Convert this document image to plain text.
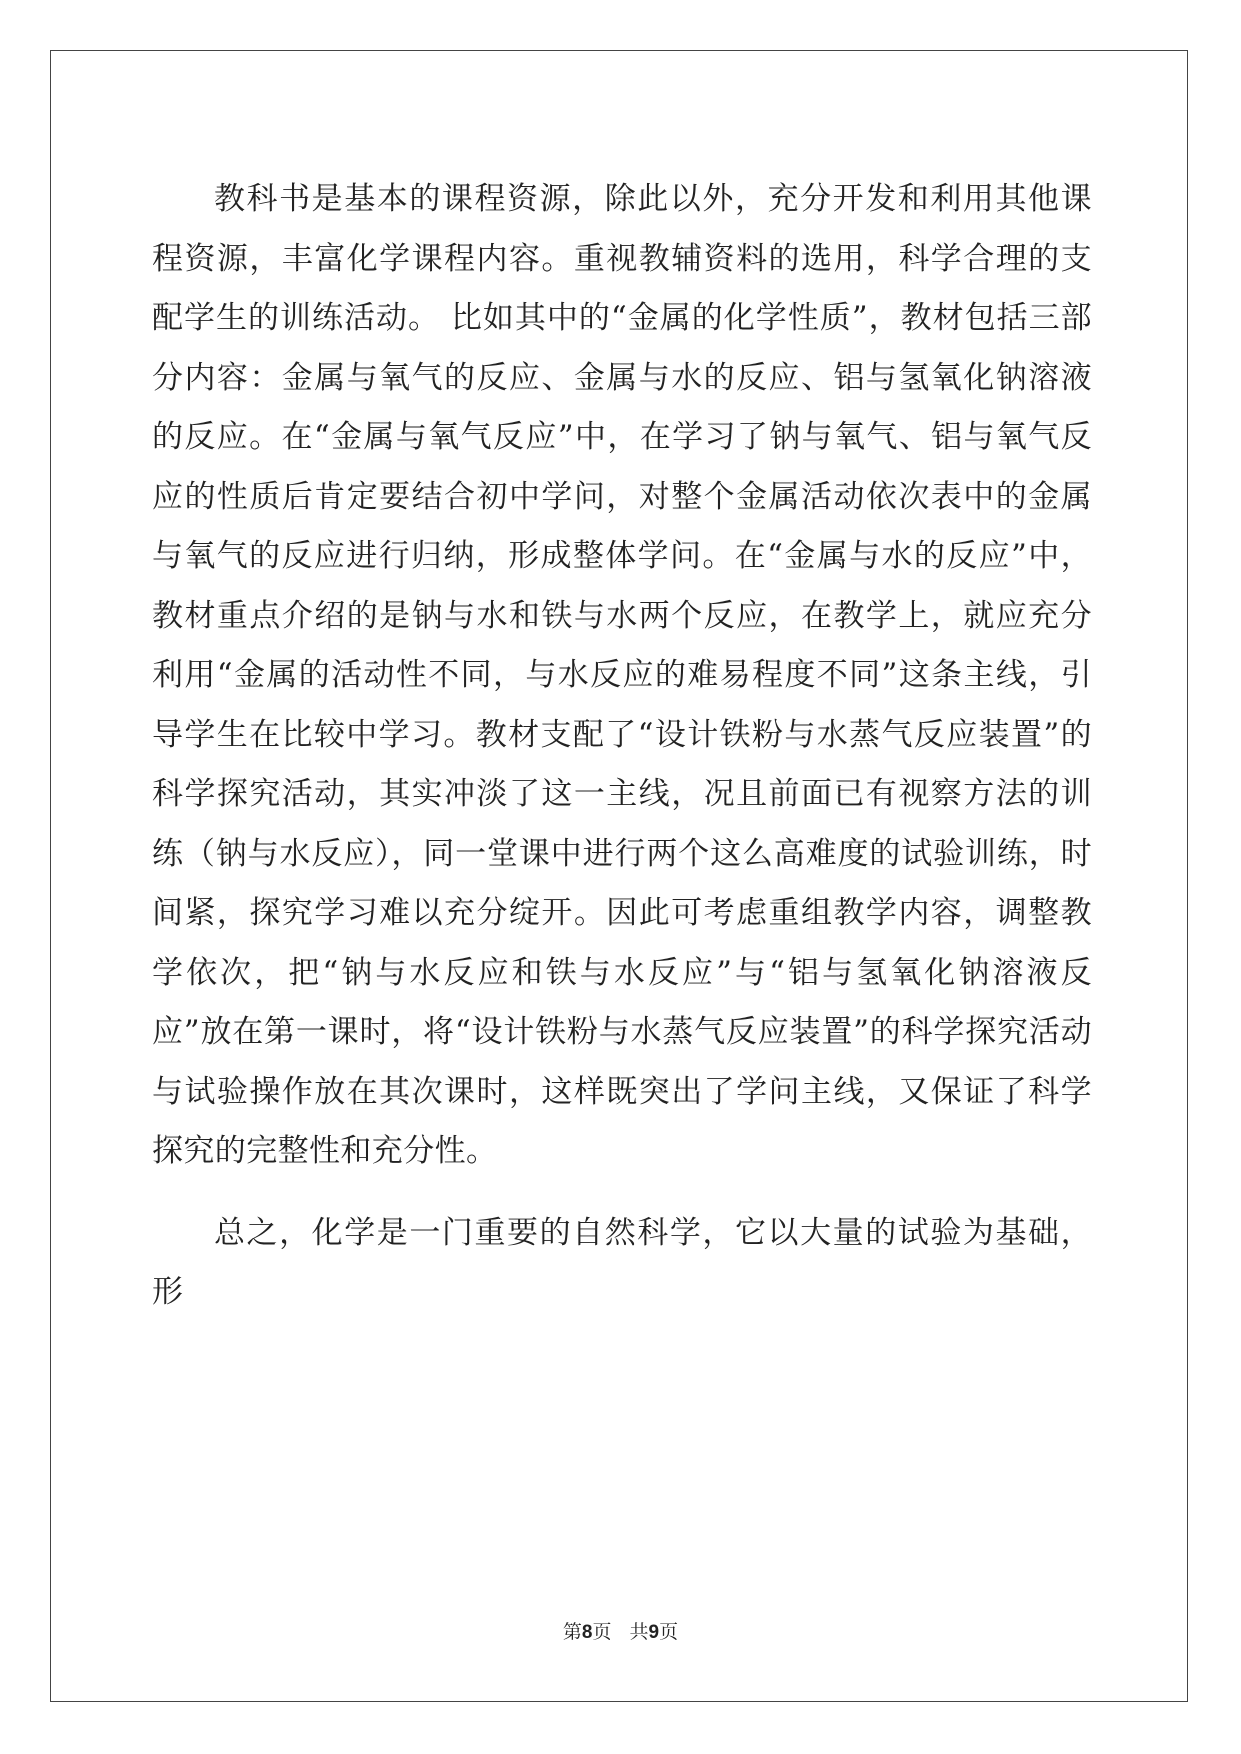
教科书是基本的课程资源，除此以外，充分开发和利用其他课程资源，丰富化学课程内容。重视教辅资料的选用，科学合理的支配学生的训练活动。 比如其中的“金属的化学性质”，教材包括三部分内容：金属与氧气的反应、金属与水的反应、铝与氢氧化钠溶液的反应。在“金属与氧气反应”中，在学习了钠与氧气、铝与氧气反应的性质后肯定要结合初中学问，对整个金属活动依次表中的金属与氧气的反应进行归纳，形成整体学问。在“金属与水的反应”中，教材重点介绍的是钠与水和铁与水两个反应，在教学上，就应充分利用“金属的活动性不同，与水反应的难易程度不同”这条主线，引导学生在比较中学习。教材支配了“设计铁粉与水蒸气反应装置”的科学探究活动，其实冲淡了这一主线，况且前面已有视察方法的训练（钠与水反应），同一堂课中进行两个这么高难度的试验训练，时间紧，探究学习难以充分绽开。因此可考虑重组教学内容，调整教学依次，把“钠与水反应和铁与水反应”与“铝与氢氧化钠溶液反应”放在第一课时，将“设计铁粉与水蒸气反应装置”的科学探究活动与试验操作放在其次课时，这样既突出了学问主线，又保证了科学探究的完整性和充分性。

总之，化学是一门重要的自然科学，它以大量的试验为基础，形

第8页 共9页
